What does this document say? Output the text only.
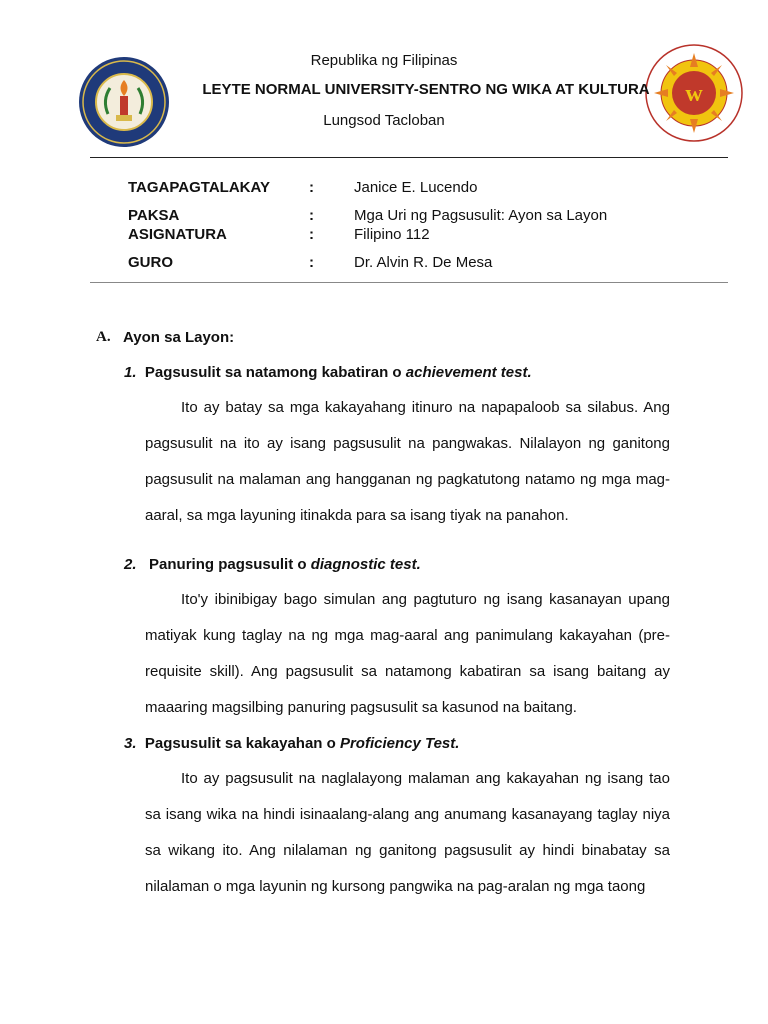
w
Republika ng Filipinas
LEYTE NORMAL UNIVERSITY-SENTRO NG WIKA AT KULTURA
Lungsod Tacloban
TAGAPAGTALAKAY	:	Janice E. Lucendo
PAKSA	:	Mga Uri ng Pagsusulit: Ayon sa Layon
ASIGNATURA	:	Filipino 112
GURO	:	Dr. Alvin R. De Mesa
A. Ayon sa Layon:
1. Pagsusulit sa natamong kabatiran o achievement test.
Ito ay batay sa mga kakayahang itinuro na napapaloob sa silabus. Ang pagsusulit na ito ay isang pagsusulit na pangwakas. Nilalayon ng ganitong pagsusulit na malaman ang hangganan ng pagkatutong natamo ng mga mag-aaral, sa mga layuning itinakda para sa isang tiyak na panahon.
2. Panuring pagsusulit o diagnostic test.
Ito'y ibinibigay bago simulan ang pagtuturo ng isang kasanayan upang matiyak kung taglay na ng mga mag-aaral ang panimulang kakayahan (pre-requisite skill). Ang pagsusulit sa natamong kabatiran sa isang baitang ay maaaring magsilbing panuring pagsusulit sa kasunod na baitang.
3. Pagsusulit sa kakayahan o Proficiency Test.
Ito ay pagsusulit na naglalayong malaman ang kakayahan ng isang tao sa isang wika na hindi isinaalang-alang ang anumang kasanayang taglay niya sa wikang ito. Ang nilalaman ng ganitong pagsusulit ay hindi binabatay sa nilalaman o mga layunin ng kursong pangwika na pag-aralan ng mga taong
